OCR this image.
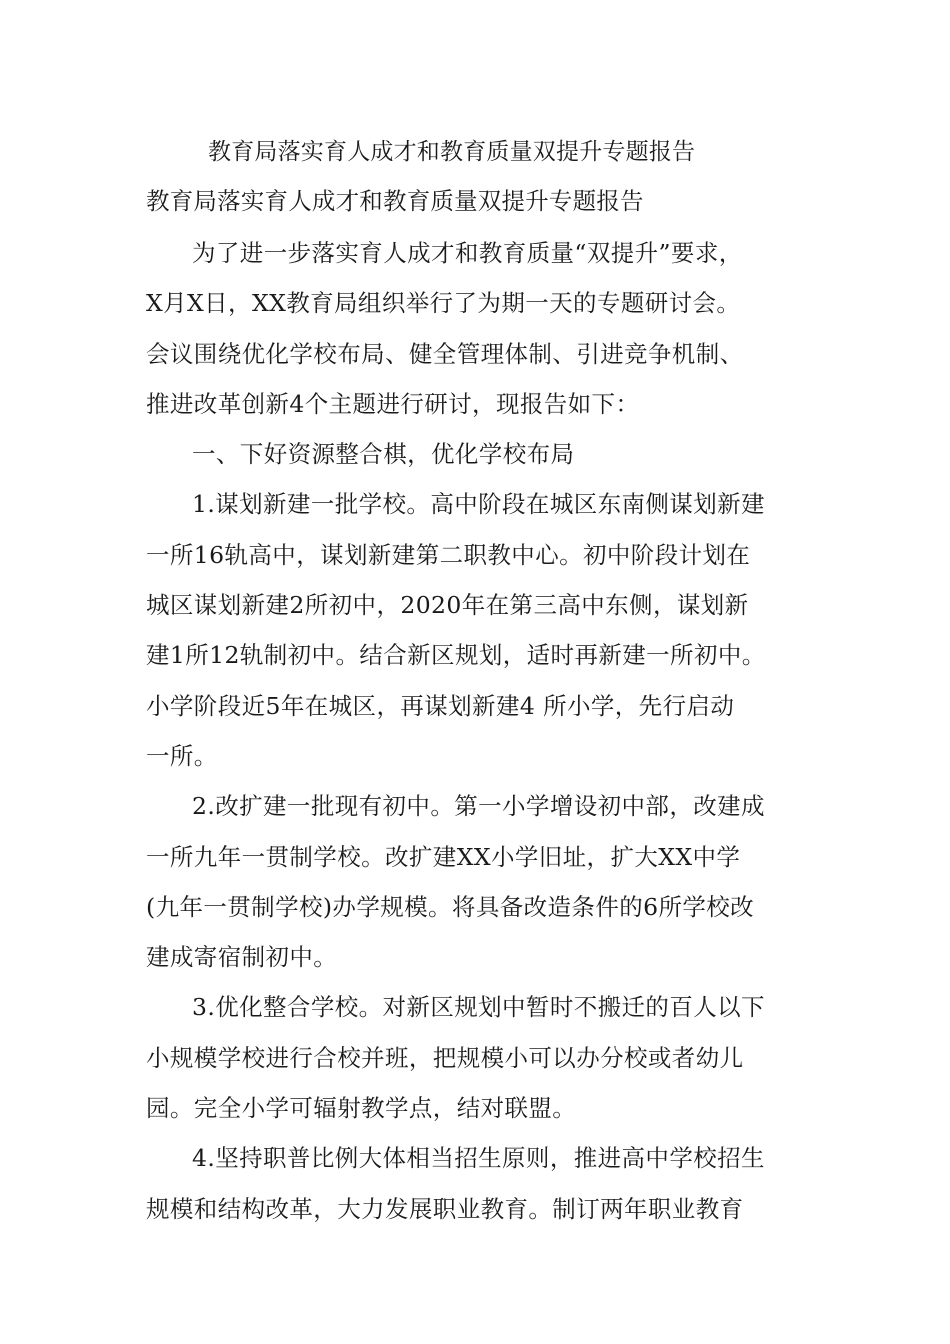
教育局落实育人成才和教育质量双提升专题报告
教育局落实育人成才和教育质量双提升专题报告

为了进一步落实育人成才和教育质量“双提升”要求，
X月X日，XX教育局组织举行了为期一天的专题研讨会。
会议围绕优化学校布局、健全管理体制、引进竞争机制、
推进改革创新4个主题进行研讨，现报告如下：

一、下好资源整合棋，优化学校布局

1.谋划新建一批学校。高中阶段在城区东南侧谋划新建
一所16轨高中，谋划新建第二职教中心。初中阶段计划在
城区谋划新建2所初中，2020年在第三高中东侧，谋划新
建1所12轨制初中。结合新区规划，适时再新建一所初中。
小学阶段近5年在城区，再谋划新建4 所小学，先行启动
一所。

2.改扩建一批现有初中。第一小学增设初中部，改建成
一所九年一贯制学校。改扩建XX小学旧址，扩大XX中学
(九年一贯制学校)办学规模。将具备改造条件的6所学校改
建成寄宿制初中。

3.优化整合学校。对新区规划中暂时不搬迁的百人以下
小规模学校进行合校并班，把规模小可以办分校或者幼儿
园。完全小学可辐射教学点，结对联盟。

4.坚持职普比例大体相当招生原则，推进高中学校招生
规模和结构改革，大力发展职业教育。制订两年职业教育
